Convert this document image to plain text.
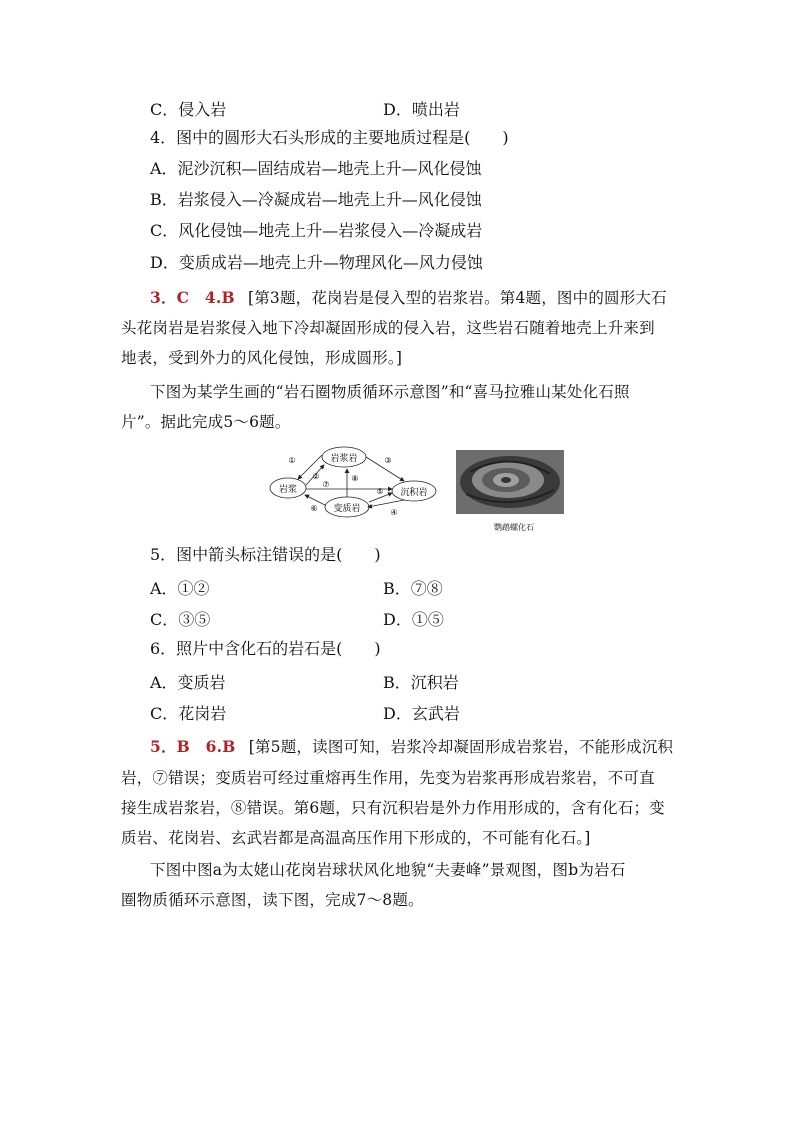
C．侵入岩	D．喷出岩
4．图中的圆形大石头形成的主要地质过程是(　　)
A．泥沙沉积—固结成岩—地壳上升—风化侵蚀
B．岩浆侵入—冷凝成岩—地壳上升—风化侵蚀
C．风化侵蚀—地壳上升—岩浆侵入—冷凝成岩
D．变质成岩—地壳上升—物理风化—风力侵蚀
3．C　4.B [第3题，花岗岩是侵入型的岩浆岩。第4题，图中的圆形大石
头花岗岩是岩浆侵入地下冷却凝固形成的侵入岩，这些岩石随着地壳上升来到
地表，受到外力的风化侵蚀，形成圆形。]
下图为某学生画的“岩石圈物质循环示意图”和“喜马拉雅山某处化石照
片”。据此完成5～6题。
岩浆岩
岩浆	沉积岩
变质岩
①
②
③
④
⑤
⑥
⑦
⑧
鹦鹉螺化石
5．图中箭头标注错误的是(　　)
A．①②	B．⑦⑧
C．③⑤	D．①⑤
6．照片中含化石的岩石是(　　)
A．变质岩	B．沉积岩
C．花岗岩	D．玄武岩
5．B　6.B [第5题，读图可知，岩浆冷却凝固形成岩浆岩，不能形成沉积
岩，⑦错误；变质岩可经过重熔再生作用，先变为岩浆再形成岩浆岩，不可直
接生成岩浆岩，⑧错误。第6题，只有沉积岩是外力作用形成的，含有化石；变
质岩、花岗岩、玄武岩都是高温高压作用下形成的，不可能有化石。]
下图中图a为太姥山花岗岩球状风化地貌“夫妻峰”景观图，图b为岩石
圈物质循环示意图，读下图，完成7～8题。
